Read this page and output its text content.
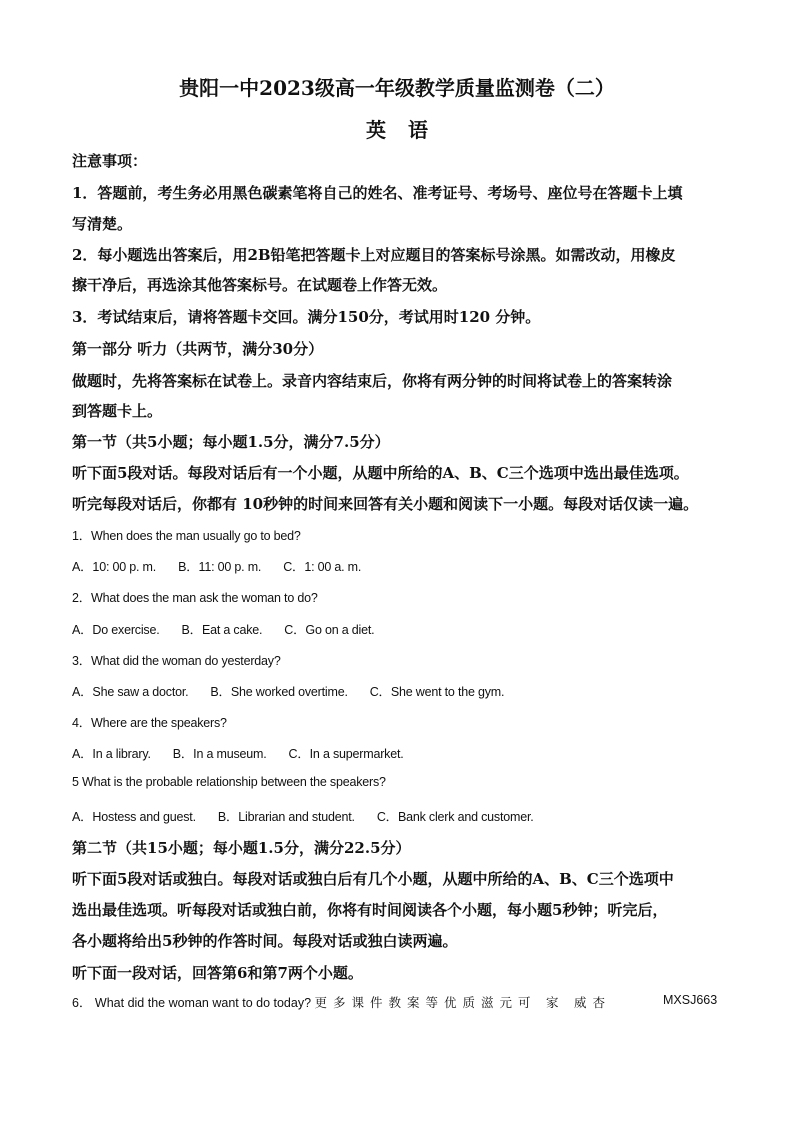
贵阳一中2023级高一年级教学质量监测卷（二）
英语
注意事项：
1．答题前，考生务必用黑色碳素笔将自己的姓名、准考证号、考场号、座位号在答题卡上填
写清楚。
2．每小题选出答案后，用2B铅笔把答题卡上对应题目的答案标号涂黑。如需改动，用橡皮
擦干净后，再选涂其他答案标号。在试题卷上作答无效。
3．考试结束后，请将答题卡交回。满分150分，考试用时120 分钟。
第一部分 听力（共两节，满分30分）
做题时，先将答案标在试卷上。录音内容结束后，你将有两分钟的时间将试卷上的答案转涂
到答题卡上。
第一节（共5小题；每小题1.5分，满分7.5分）
听下面5段对话。每段对话后有一个小题，从题中所给的A、B、C三个选项中选出最佳选项。
听完每段对话后，你都有 10秒钟的时间来回答有关小题和阅读下一小题。每段对话仅读一遍。
1．When does the man usually go to bed?
A．10: 00 p. m. B．11: 00 p. m. C．1: 00 a. m.
2．What does the man ask the woman to do?
A．Do exercise. B．Eat a cake. C．Go on a diet.
3．What did the woman do yesterday?
A．She saw a doctor. B．She worked overtime. C．She went to the gym.
4．Where are the speakers?
A．In a library. B．In a museum. C．In a supermarket.
5 What is the probable relationship between the speakers?
A．Hostess and guest. B．Librarian and student. C．Bank clerk and customer.
第二节（共15小题；每小题1.5分，满分22.5分）
听下面5段对话或独白。每段对话或独白后有几个小题，从题中所给的A、B、C三个选项中
选出最佳选项。听每段对话或独白前，你将有时间阅读各个小题，每小题5秒钟；听完后，
各小题将给出5秒钟的作答时间。每段对话或独白读两遍。
听下面一段对话，回答第6和第7两个小题。
6． What did the woman want to do today? 更多课件教案等优质滋元可 家 威杏	MXSJ663
